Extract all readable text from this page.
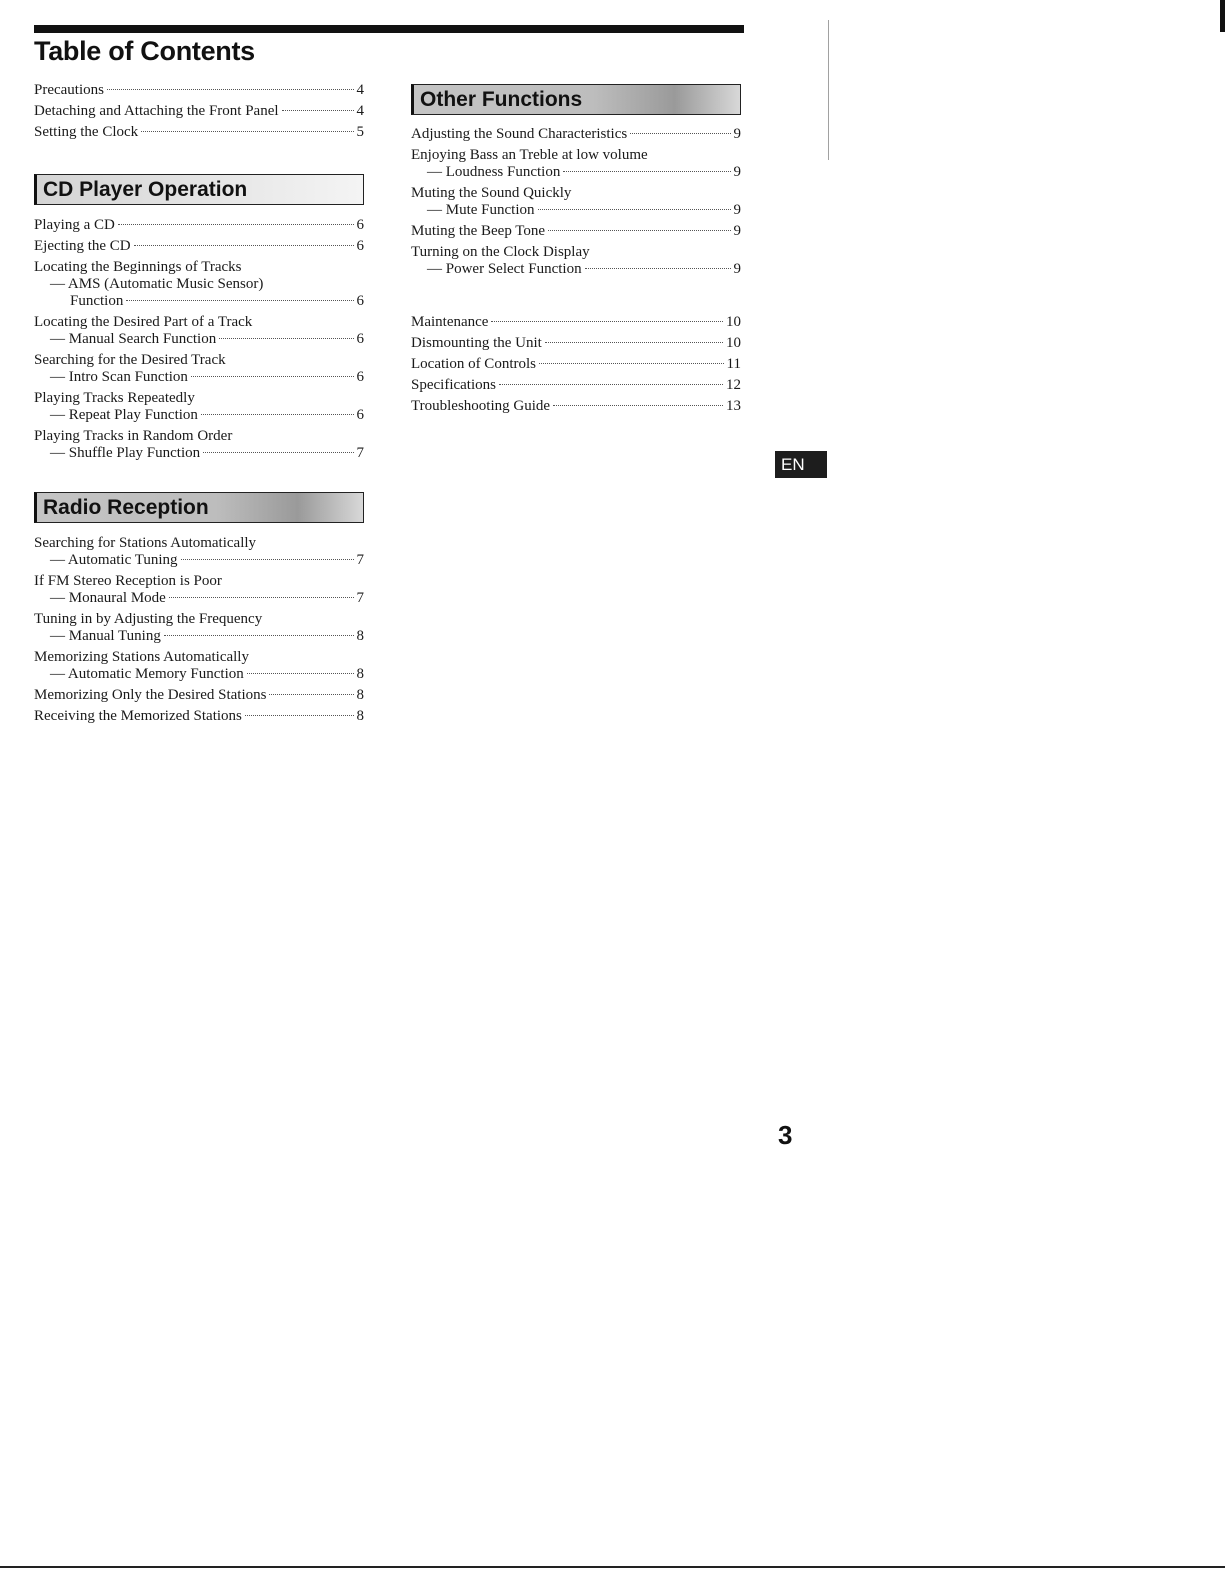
Table of Contents
Precautions	4
Detaching and Attaching the Front Panel	4
Setting the Clock	5
CD Player Operation
Playing a CD	6
Ejecting the CD	6
Locating the Beginnings of Tracks
— AMS (Automatic Music Sensor)
Function	6
Locating the Desired Part of a Track
— Manual Search Function	6
Searching for the Desired Track
— Intro Scan Function	6
Playing Tracks Repeatedly
— Repeat Play Function	6
Playing Tracks in Random Order
— Shuffle Play Function	7
Radio Reception
Searching for Stations Automatically
— Automatic Tuning	7
If FM Stereo Reception is Poor
— Monaural Mode	7
Tuning in by Adjusting the Frequency
— Manual Tuning	8
Memorizing Stations Automatically
— Automatic Memory Function	8
Memorizing Only the Desired Stations	8
Receiving the Memorized Stations	8
Other Functions
Adjusting the Sound Characteristics	9
Enjoying Bass an Treble at low volume
— Loudness Function	9
Muting the Sound Quickly
— Mute Function	9
Muting the Beep Tone	9
Turning on the Clock Display
— Power Select Function	9
Maintenance	10
Dismounting the Unit	10
Location of Controls	11
Specifications	12
Troubleshooting Guide	13
EN
3
